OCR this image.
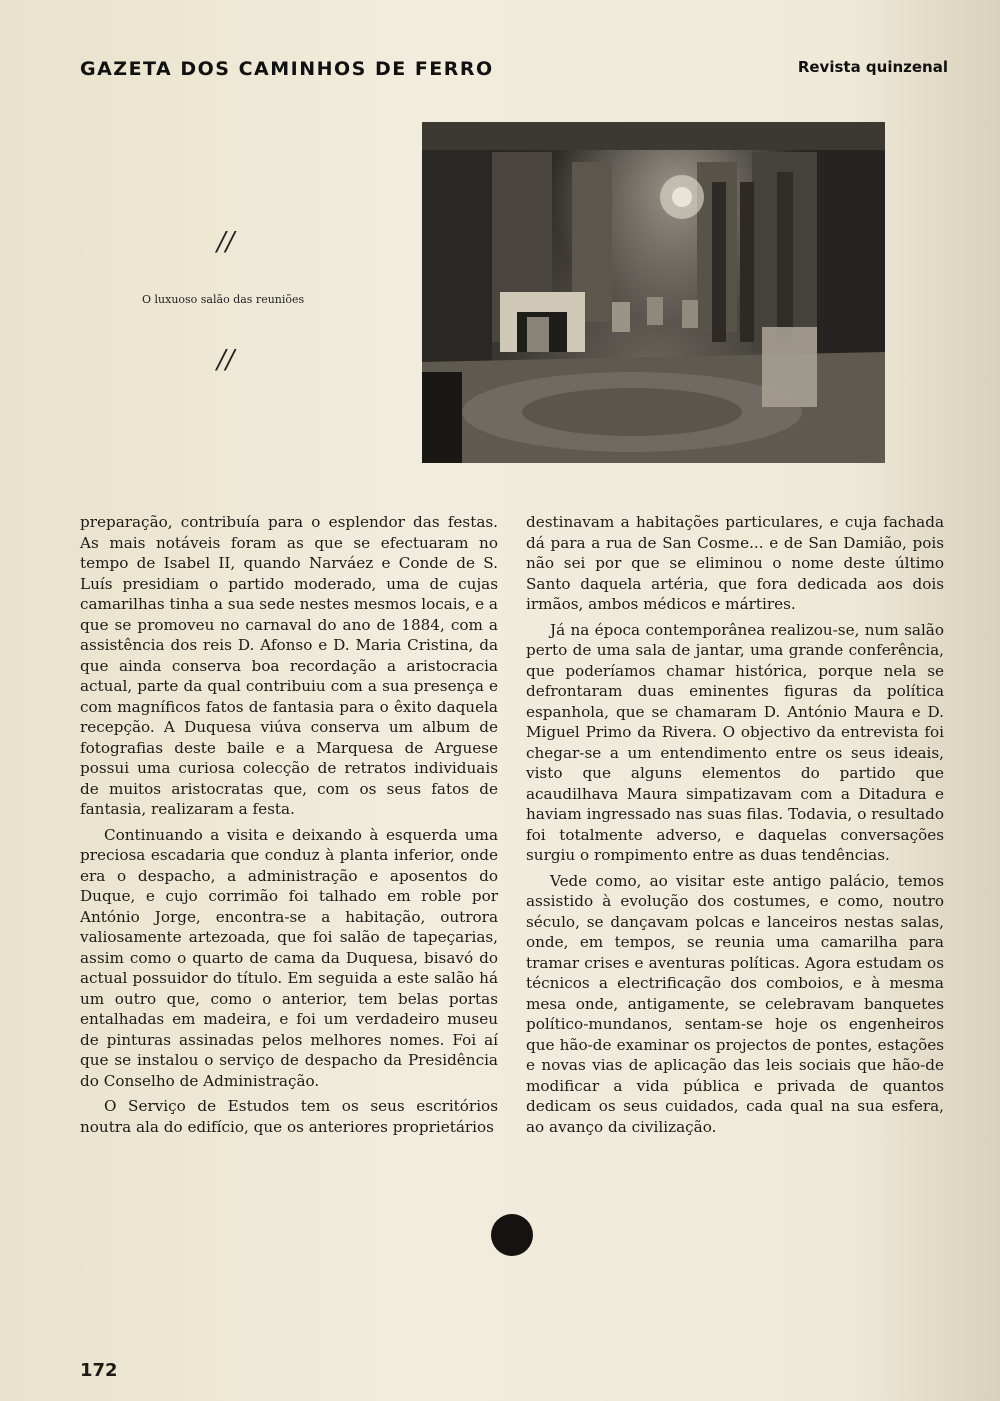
GAZETA DOS CAMINHOS DE FERRO	Revista quinzenal
//
O luxuoso salão das reuniões
//

preparação, contribuía para o esplendor das festas. As mais notáveis foram as que se efectuaram no tempo de Isabel II, quando Narváez e Conde de S. Luís presidiam o partido moderado, uma de cujas camarilhas tinha a sua sede nestes mesmos locais, e a que se promoveu no carnaval do ano de 1884, com a assistência dos reis D. Afonso e D. Maria Cristina, da que ainda conserva boa recordação a aristocracia actual, parte da qual contribuiu com a sua presença e com magníficos fatos de fantasia para o êxito daquela recepção. A Duquesa viúva conserva um album de fotografias deste baile e a Marquesa de Arguese possui uma curiosa colecção de retratos individuais de muitos aristocratas que, com os seus fatos de fantasia, realizaram a festa.

Continuando a visita e deixando à esquerda uma preciosa escadaria que conduz à planta inferior, onde era o despacho, a administração e aposentos do Duque, e cujo corrimão foi talhado em roble por António Jorge, encontra-se a habitação, outrora valiosamente artezoada, que foi salão de tapeçarias, assim como o quarto de cama da Duquesa, bisavó do actual possuidor do título. Em seguida a este salão há um outro que, como o anterior, tem belas portas entalhadas em madeira, e foi um verdadeiro museu de pinturas assinadas pelos melhores nomes. Foi aí que se instalou o serviço de despacho da Presidência do Conselho de Administração.

O Serviço de Estudos tem os seus escritórios noutra ala do edifício, que os anteriores proprietários

destinavam a habitações particulares, e cuja fachada dá para a rua de San Cosme... e de San Damião, pois não sei por que se eliminou o nome deste último Santo daquela artéria, que fora dedicada aos dois irmãos, ambos médicos e mártires.

Já na época contemporânea realizou-se, num salão perto de uma sala de jantar, uma grande conferência, que poderíamos chamar histórica, porque nela se defrontaram duas eminentes figuras da política espanhola, que se chamaram D. António Maura e D. Miguel Primo da Rivera. O objectivo da entrevista foi chegar-se a um entendimento entre os seus ideais, visto que alguns elementos do partido que acaudilhava Maura simpatizavam com a Ditadura e haviam ingressado nas suas filas. Todavia, o resultado foi totalmente adverso, e daquelas conversações surgiu o rompimento entre as duas tendências.

Vede como, ao visitar este antigo palácio, temos assistido à evolução dos costumes, e como, noutro século, se dançavam polcas e lanceiros nestas salas, onde, em tempos, se reunia uma camarilha para tramar crises e aventuras políticas. Agora estudam os técnicos a electrificação dos comboios, e à mesma mesa onde, antigamente, se celebravam banquetes político-mundanos, sentam-se hoje os engenheiros que hão-de examinar os projectos de pontes, estações e novas vias de aplicação das leis sociais que hão-de modificar a vida pública e privada de quantos dedicam os seus cuidados, cada qual na sua esfera, ao avanço da civilização.

172
